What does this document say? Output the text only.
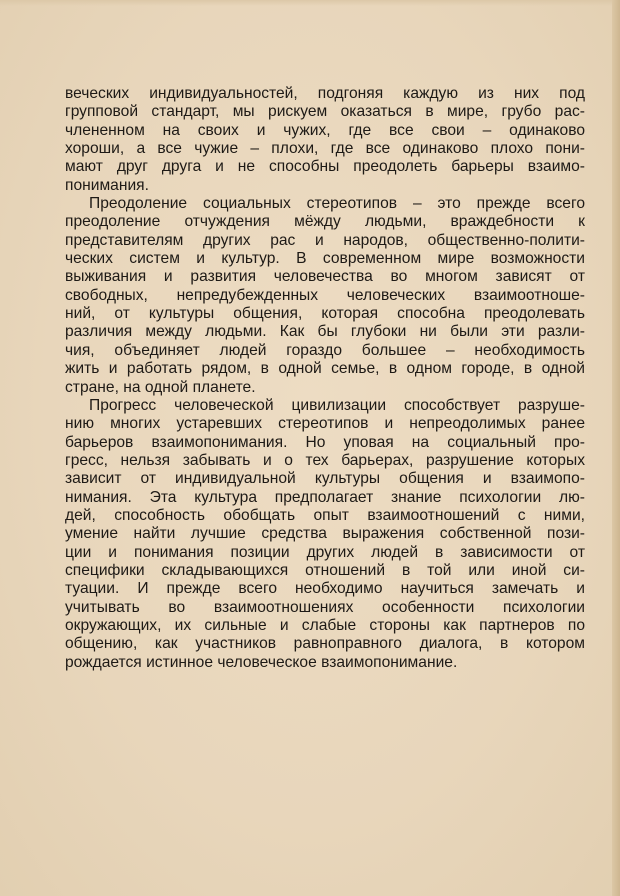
веческих индивидуальностей, подгоняя каждую из них под
групповой стандарт, мы рискуем оказаться в мире, грубо рас-
члененном на своих и чужих, где все свои – одинаково
хороши, а все чужие – плохи, где все одинаково плохо пони-
мают друг друга и не способны преодолеть барьеры взаимо-
понимания.
Преодоление социальных стереотипов – это прежде всего
преодоление отчуждения мёжду людьми, враждебности к
представителям других рас и народов, общественно-полити-
ческих систем и культур. В современном мире возможности
выживания и развития человечества во многом зависят от
свободных, непредубежденных человеческих взаимоотноше-
ний, от культуры общения, которая способна преодолевать
различия между людьми. Как бы глубоки ни были эти разли-
чия, объединяет людей гораздо большее – необходимость
жить и работать рядом, в одной семье, в одном городе, в одной
стране, на одной планете.
Прогресс человеческой цивилизации способствует разруше-
нию многих устаревших стереотипов и непреодолимых ранее
барьеров взаимопонимания. Но уповая на социальный про-
гресс, нельзя забывать и о тех барьерах, разрушение которых
зависит от индивидуальной культуры общения и взаимопо-
нимания. Эта культура предполагает знание психологии лю-
дей, способность обобщать опыт взаимоотношений с ними,
умение найти лучшие средства выражения собственной пози-
ции и понимания позиции других людей в зависимости от
специфики складывающихся отношений в той или иной си-
туации. И прежде всего необходимо научиться замечать и
учитывать во взаимоотношениях особенности психологии
окружающих, их сильные и слабые стороны как партнеров по
общению, как участников равноправного диалога, в котором
рождается истинное человеческое взаимопонимание.
